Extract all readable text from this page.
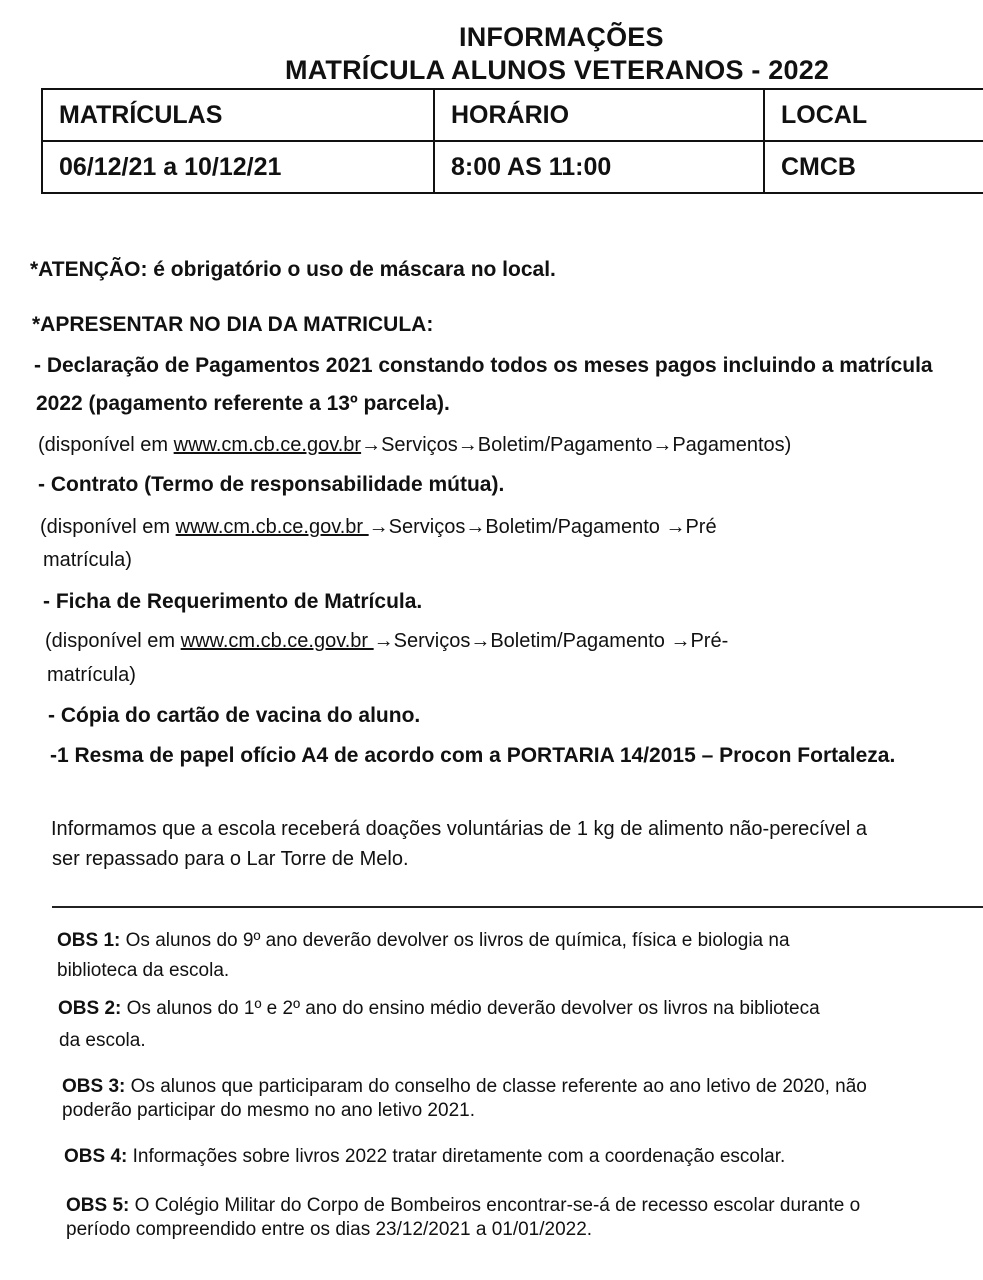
INFORMAÇÕES
MATRÍCULA ALUNOS VETERANOS - 2022
MATRÍCULAS	HORÁRIO	LOCAL
06/12/21 a 10/12/21	8:00 AS 11:00	CMCB
*ATENÇÃO: é obrigatório o uso de máscara no local.
*APRESENTAR NO DIA DA MATRICULA:
- Declaração de Pagamentos 2021 constando todos os meses pagos incluindo a matrícula
2022 (pagamento referente a 13º parcela).
(disponível em www.cm.cb.ce.gov.br→Serviços→Boletim/Pagamento→Pagamentos)
- Contrato (Termo de responsabilidade mútua).
(disponível em www.cm.cb.ce.gov.br →Serviços→Boletim/Pagamento →Pré
matrícula)
- Ficha de Requerimento de Matrícula.
(disponível em www.cm.cb.ce.gov.br →Serviços→Boletim/Pagamento →Pré-
matrícula)
- Cópia do cartão de vacina do aluno.
-1 Resma de papel ofício A4 de acordo com a PORTARIA 14/2015 – Procon Fortaleza.
Informamos que a escola receberá doações voluntárias de 1 kg de alimento não-perecível a
ser repassado para o Lar Torre de Melo.
OBS 1: Os alunos do 9º ano deverão devolver os livros de química, física e biologia na
biblioteca da escola.
OBS 2: Os alunos do 1º e 2º ano do ensino médio deverão devolver os livros na biblioteca
da escola.
OBS 3: Os alunos que participaram do conselho de classe referente ao ano letivo de 2020, não
poderão participar do mesmo no ano letivo 2021.
OBS 4: Informações sobre livros 2022 tratar diretamente com a coordenação escolar.
OBS 5: O Colégio Militar do Corpo de Bombeiros encontrar-se-á de recesso escolar durante o
período compreendido entre os dias 23/12/2021 a 01/01/2022.
